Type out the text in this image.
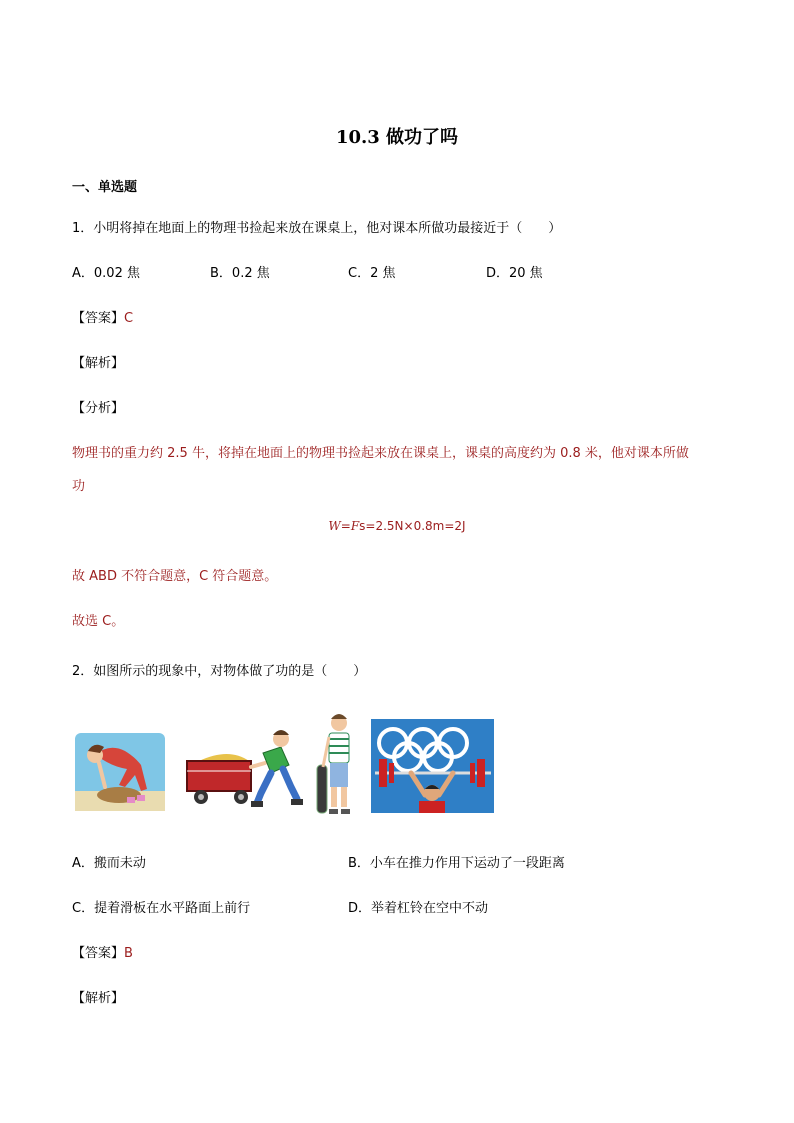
10.3 做功了吗
一、单选题
1．小明将掉在地面上的物理书捡起来放在课桌上，他对课本所做功最接近于（　　）
A．0.02 焦	B．0.2 焦	C．2 焦	D．20 焦
【答案】C
【解析】
【分析】
物理书的重力约 2.5 牛，将掉在地面上的物理书捡起来放在课桌上，课桌的高度约为 0.8 米，他对课本所做
功
W=Fs=2.5N×0.8m=2J
故 ABD 不符合题意，C 符合题意。
故选 C。
2．如图所示的现象中，对物体做了功的是（　　）
A．搬而未动	B．小车在推力作用下运动了一段距离
C．提着滑板在水平路面上前行	D．举着杠铃在空中不动
【答案】B
【解析】
